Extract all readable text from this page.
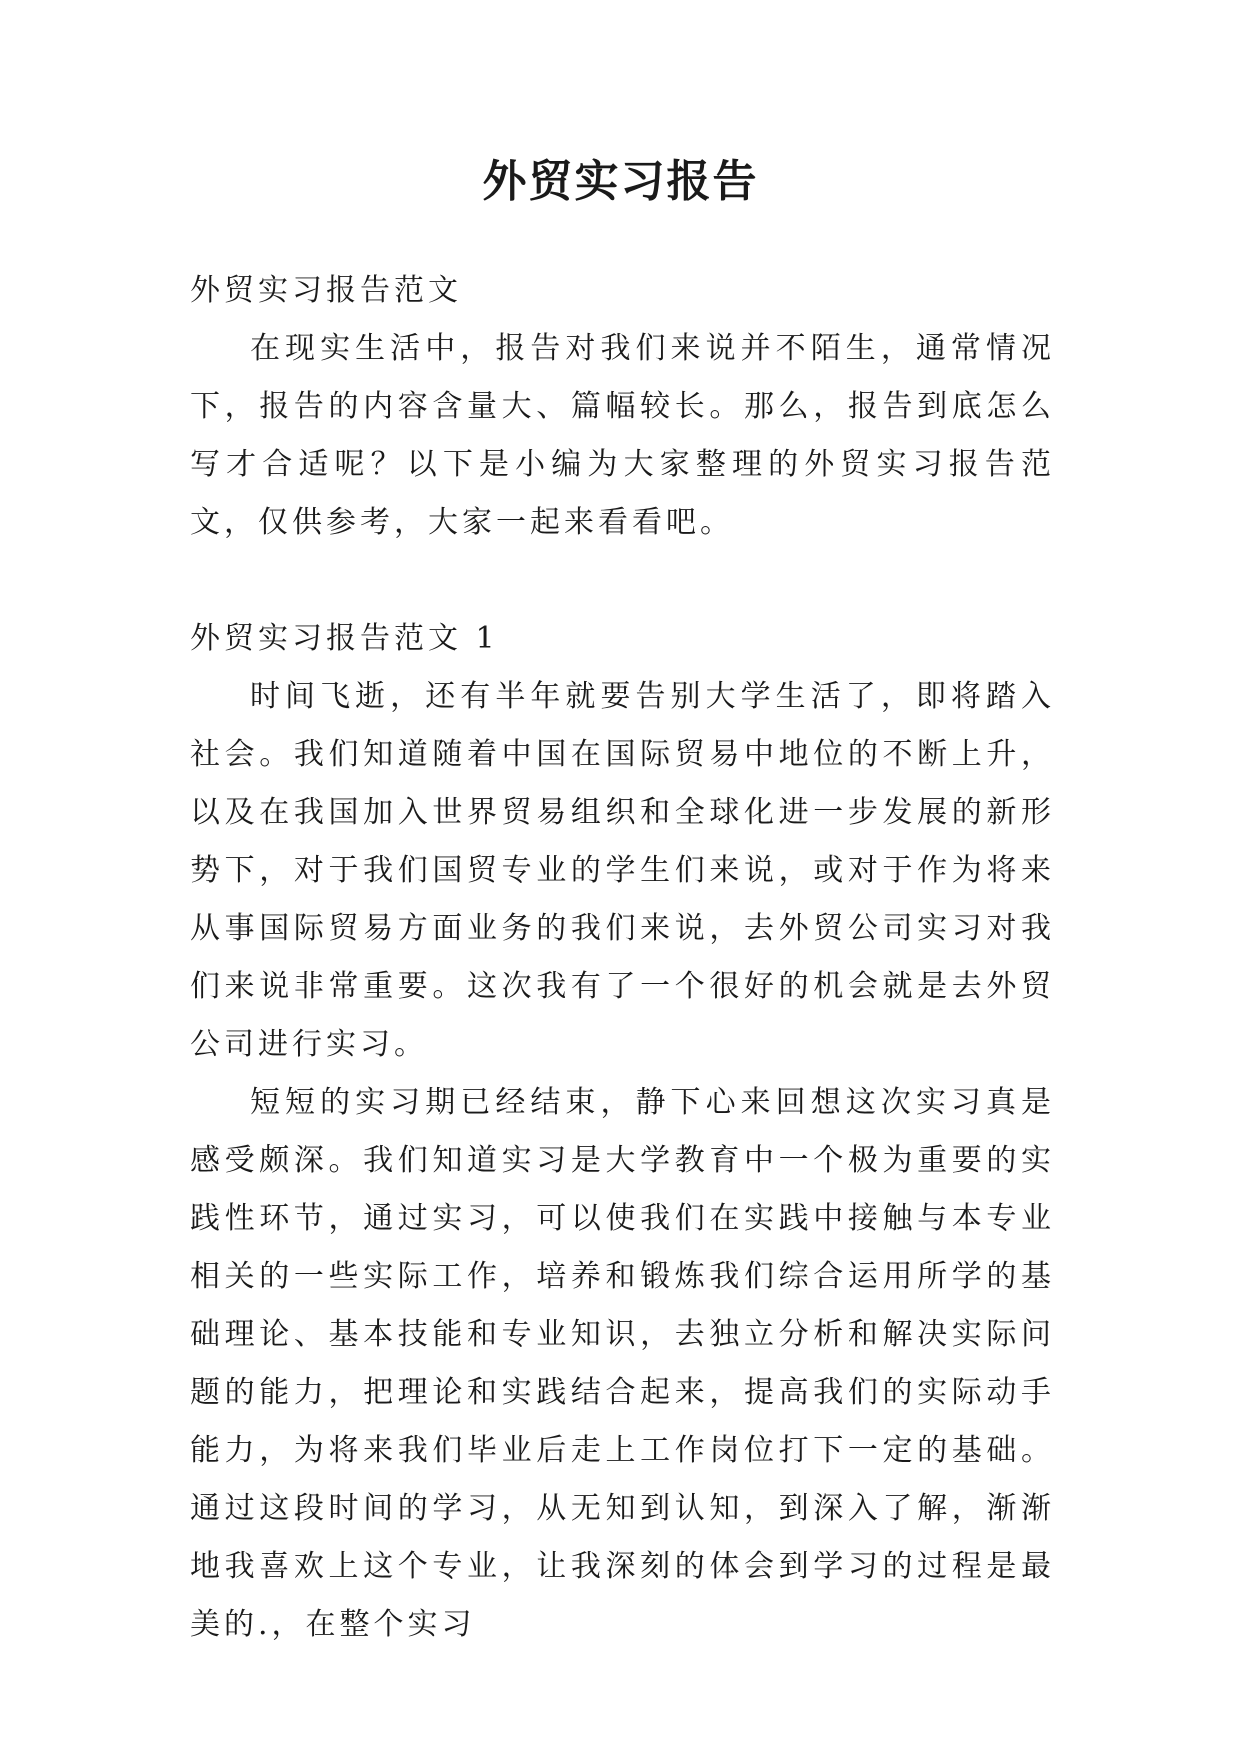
外贸实习报告

外贸实习报告范文

在现实生活中，报告对我们来说并不陌生，通常情况下，报告的内容含量大、篇幅较长。那么，报告到底怎么写才合适呢？以下是小编为大家整理的外贸实习报告范文，仅供参考，大家一起来看看吧。

外贸实习报告范文 1

时间飞逝，还有半年就要告别大学生活了，即将踏入社会。我们知道随着中国在国际贸易中地位的不断上升，以及在我国加入世界贸易组织和全球化进一步发展的新形势下，对于我们国贸专业的学生们来说，或对于作为将来从事国际贸易方面业务的我们来说，去外贸公司实习对我们来说非常重要。这次我有了一个很好的机会就是去外贸公司进行实习。

短短的实习期已经结束，静下心来回想这次实习真是感受颇深。我们知道实习是大学教育中一个极为重要的实践性环节，通过实习，可以使我们在实践中接触与本专业相关的一些实际工作，培养和锻炼我们综合运用所学的基础理论、基本技能和专业知识，去独立分析和解决实际问题的能力，把理论和实践结合起来，提高我们的实际动手能力，为将来我们毕业后走上工作岗位打下一定的基础。通过这段时间的学习，从无知到认知，到深入了解，渐渐地我喜欢上这个专业，让我深刻的体会到学习的过程是最美的.，在整个实习
